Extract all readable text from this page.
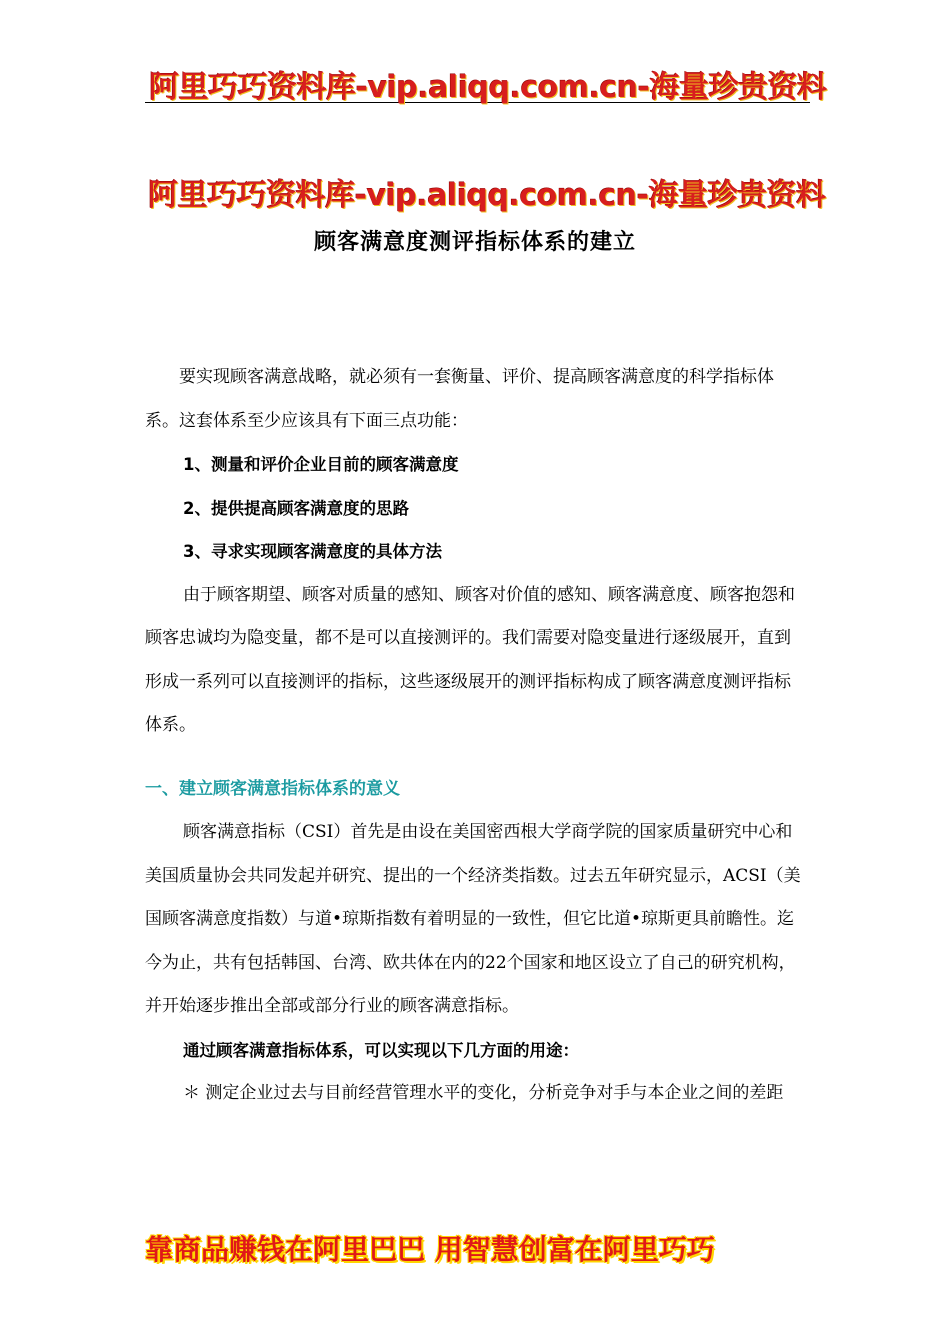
阿里巧巧资料库-vip.aliqq.com.cn-海量珍贵资料
阿里巧巧资料库-vip.aliqq.com.cn-海量珍贵资料
顾客满意度测评指标体系的建立

要实现顾客满意战略，就必须有一套衡量、评价、提高顾客满意度的科学指标体系。这套体系至少应该具有下面三点功能：

1、测量和评价企业目前的顾客满意度

2、提供提高顾客满意度的思路

3、寻求实现顾客满意度的具体方法

由于顾客期望、顾客对质量的感知、顾客对价值的感知、顾客满意度、顾客抱怨和顾客忠诚均为隐变量，都不是可以直接测评的。我们需要对隐变量进行逐级展开，直到形成一系列可以直接测评的指标，这些逐级展开的测评指标构成了顾客满意度测评指标体系。

一、建立顾客满意指标体系的意义

顾客满意指标（CSI）首先是由设在美国密西根大学商学院的国家质量研究中心和美国质量协会共同发起并研究、提出的一个经济类指数。过去五年研究显示，ACSI（美国顾客满意度指数）与道•琼斯指数有着明显的一致性，但它比道•琼斯更具前瞻性。迄今为止，共有包括韩国、台湾、欧共体在内的22个国家和地区设立了自己的研究机构，并开始逐步推出全部或部分行业的顾客满意指标。

通过顾客满意指标体系，可以实现以下几方面的用途：

＊ 测定企业过去与目前经营管理水平的变化，分析竞争对手与本企业之间的差距

靠商品赚钱在阿里巴巴 用智慧创富在阿里巧巧
